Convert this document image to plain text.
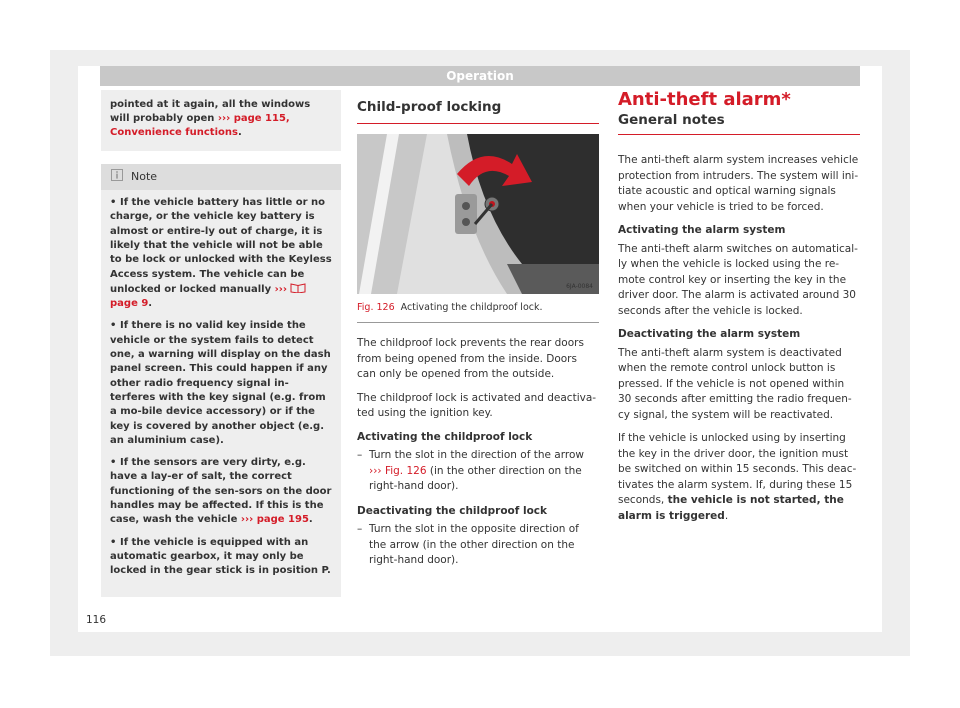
Operation
pointed at it again, all the windows will probably open ››› page 115, Convenience functions.
Note

• If the vehicle battery has little or no charge, or the vehicle key battery is almost or entire-ly out of charge, it is likely that the vehicle will not be able to be lock or unlocked with the Keyless Access system. The vehicle can be unlocked or locked manually ›››  page 9.

• If there is no valid key inside the vehicle or the system fails to detect one, a warning will display on the dash panel screen. This could happen if any other radio frequency signal in-terferes with the key signal (e.g. from a mo-bile device accessory) or if the key is covered by another object (e.g. an aluminium case).

• If the sensors are very dirty, e.g. have a lay-er of salt, the correct functioning of the sen-sors on the door handles may be affected. If this is the case, wash the vehicle ››› page 195.

• If the vehicle is equipped with an automatic gearbox, it may only be locked in the gear stick is in position P.

Child-proof locking
6JA-0084
Fig. 126 Activating the childproof lock.

The childproof lock prevents the rear doors from being opened from the inside. Doors can only be opened from the outside.

The childproof lock is activated and deactiva-ted using the ignition key.

Activating the childproof lock

– Turn the slot in the direction of the arrow ››› Fig. 126 (in the other direction on the right-hand door).

Deactivating the childproof lock

– Turn the slot in the opposite direction of the arrow (in the other direction on the right-hand door).

Anti-theft alarm*
General notes

The anti-theft alarm system increases vehicle protection from intruders. The system will ini-tiate acoustic and optical warning signals when your vehicle is tried to be forced.

Activating the alarm system

The anti-theft alarm switches on automatical-ly when the vehicle is locked using the re-mote control key or inserting the key in the driver door. The alarm is activated around 30 seconds after the vehicle is locked.

Deactivating the alarm system

The anti-theft alarm system is deactivated when the remote control unlock button is pressed. If the vehicle is not opened within 30 seconds after emitting the radio frequen-cy signal, the system will be reactivated.

If the vehicle is unlocked using by inserting the key in the driver door, the ignition must be switched on within 15 seconds. This deac-tivates the alarm system. If, during these 15 seconds, the vehicle is not started, the alarm is triggered.

116
